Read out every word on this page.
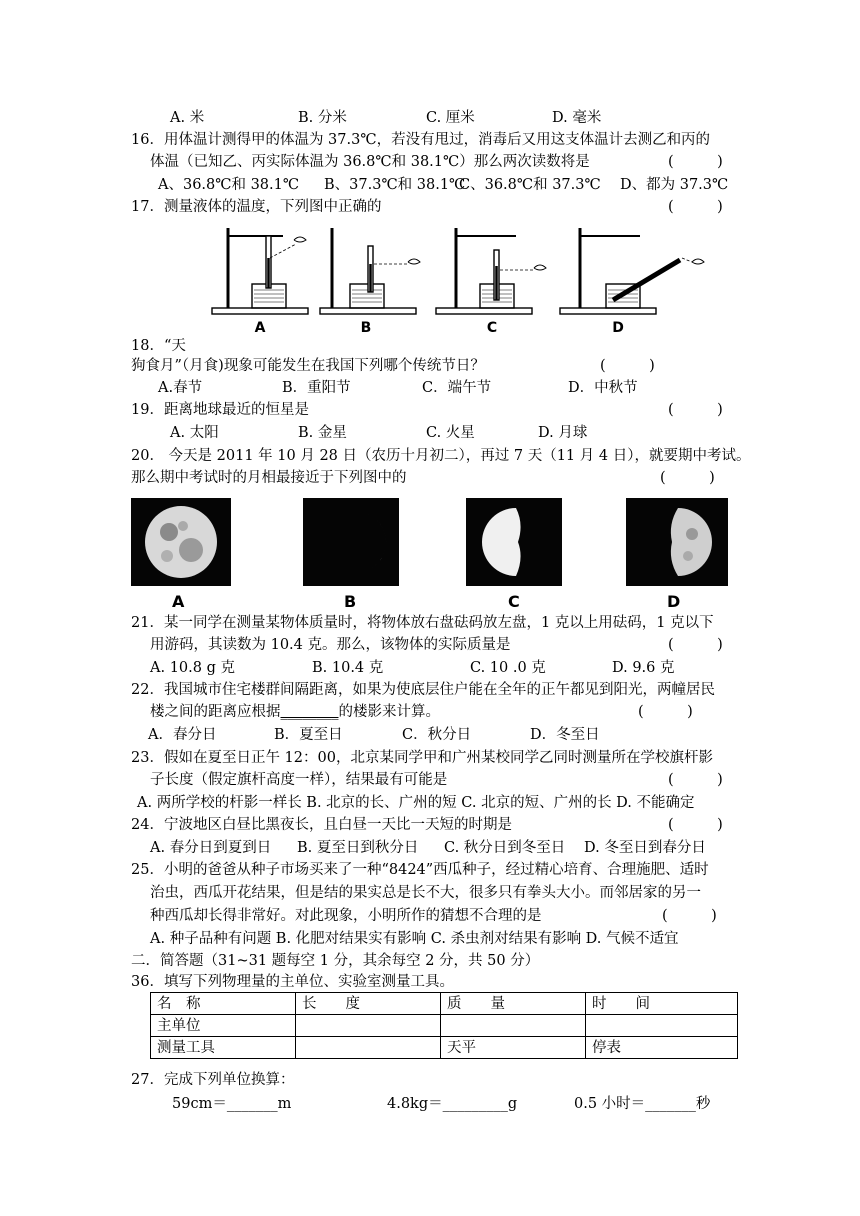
A. 米	B. 分米	C. 厘米	D. 毫米
16．用体温计测得甲的体温为 37.3℃，若没有甩过，消毒后又用这支体温计去测乙和丙的
体温（已知乙、丙实际体温为 36.8℃和 38.1℃）那么两次读数将是	(　　　)
A、36.8℃和 38.1℃ B、37.3℃和 38.1℃
C、36.8℃和 37.3℃ D、都为 37.3℃
17．测量液体的温度，下列图中正确的	(　　　)
A	B	C	D
18．“天
狗食月”（月食)现象可能发生在我国下列哪个传统节日？	(　　　)
A.春节	B．重阳节	C．端午节	D．中秋节
19．距离地球最近的恒星是	(　　　)
A. 太阳	B. 金星	C. 火星	D. 月球
20． 今天是 2011 年 10 月 28 日（农历十月初二），再过 7 天（11 月 4 日），就要期中考试。
那么期中考试时的月相最接近于下列图中的	(　　　)
A	B	C	D
21．某一同学在测量某物体质量时，将物体放右盘砝码放左盘，1 克以上用砝码，1 克以下
用游码，其读数为 10.4 克。那么，该物体的实际质量是	(　　　)
A. 10.8 g 克	B. 10.4 克	C. 10 .0 克	D. 9.6 克
22．我国城市住宅楼群间隔距离，如果为使底层住户能在全年的正午都见到阳光，两幢居民
楼之间的距离应根据________的楼影来计算。	(　　　)
A．春分日	B．夏至日	C．秋分日	D．冬至日
23．假如在夏至日正午 12：00，北京某同学甲和广州某校同学乙同时测量所在学校旗杆影
子长度（假定旗杆高度一样），结果最有可能是	(　　　)
A. 两所学校的杆影一样长 B. 北京的长、广州的短 C. 北京的短、广州的长 D. 不能确定
24．宁波地区白昼比黑夜长，且白昼一天比一天短的时期是	(　　　)
A. 春分日到夏到日 B. 夏至日到秋分日 C. 秋分日到冬至日 D. 冬至日到春分日
25．小明的爸爸从种子市场买来了一种“8424”西瓜种子，经过精心培育、合理施肥、适时
治虫，西瓜开花结果，但是结的果实总是长不大，很多只有拳头大小。而邻居家的另一
种西瓜却长得非常好。对此现象，小明所作的猜想不合理的是	(　　　)
A. 种子品种有问题 B. 化肥对结果实有影响 C. 杀虫剂对结果有影响 D. 气候不适宜
二．简答题（31~31 题每空 1 分，其余每空 2 分，共 50 分）
36．填写下列物理量的主单位、实验室测量工具。
名　称	长　　度	质　　量	时　　间
主单位			
测量工具		天平	停表
27．完成下列单位换算：
59cm＝_______m	4.8kg＝_________g	0.5 小时＝_______秒
